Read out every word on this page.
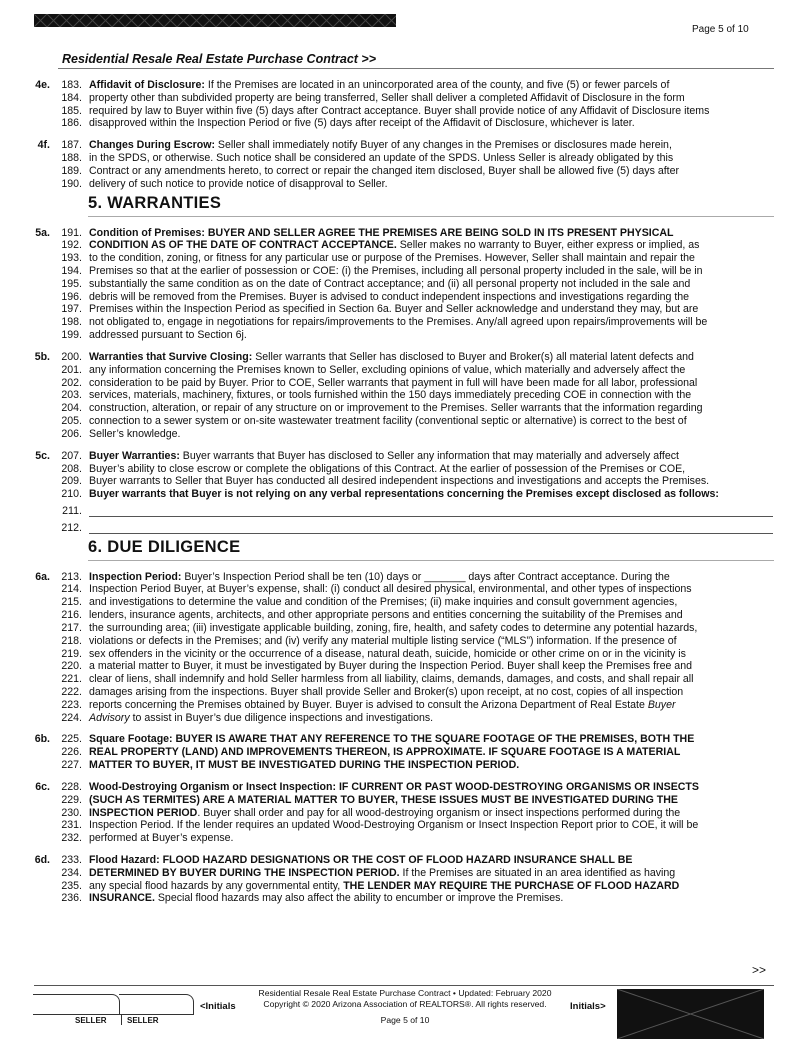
Page 5 of 10
Residential Resale Real Estate Purchase Contract >>
4e.	183. Affidavit of Disclosure: If the Premises are located in an unincorporated area of the county, and five (5) or fewer parcels of
184. property other than subdivided property are being transferred, Seller shall deliver a completed Affidavit of Disclosure in the form
185. required by law to Buyer within five (5) days after Contract acceptance. Buyer shall provide notice of any Affidavit of Disclosure items
186. disapproved within the Inspection Period or five (5) days after receipt of the Affidavit of Disclosure, whichever is later.
4f.	187. Changes During Escrow: Seller shall immediately notify Buyer of any changes in the Premises or disclosures made herein,
188. in the SPDS, or otherwise. Such notice shall be considered an update of the SPDS. Unless Seller is already obligated by this
189. Contract or any amendments hereto, to correct or repair the changed item disclosed, Buyer shall be allowed five (5) days after
190. delivery of such notice to provide notice of disapproval to Seller.
5. WARRANTIES
5a.	191. Condition of Premises: BUYER AND SELLER AGREE THE PREMISES ARE BEING SOLD IN ITS PRESENT PHYSICAL
192. CONDITION AS OF THE DATE OF CONTRACT ACCEPTANCE. Seller makes no warranty to Buyer, either express or implied, as
193. to the condition, zoning, or fitness for any particular use or purpose of the Premises. However, Seller shall maintain and repair the
194. Premises so that at the earlier of possession or COE: (i) the Premises, including all personal property included in the sale, will be in
195. substantially the same condition as on the date of Contract acceptance; and (ii) all personal property not included in the sale and
196. debris will be removed from the Premises. Buyer is advised to conduct independent inspections and investigations regarding the
197. Premises within the Inspection Period as specified in Section 6a. Buyer and Seller acknowledge and understand they may, but are
198. not obligated to, engage in negotiations for repairs/improvements to the Premises. Any/all agreed upon repairs/improvements will be
199. addressed pursuant to Section 6j.
5b.	200. Warranties that Survive Closing: Seller warrants that Seller has disclosed to Buyer and Broker(s) all material latent defects and
201. any information concerning the Premises known to Seller, excluding opinions of value, which materially and adversely affect the
202. consideration to be paid by Buyer. Prior to COE, Seller warrants that payment in full will have been made for all labor, professional
203. services, materials, machinery, fixtures, or tools furnished within the 150 days immediately preceding COE in connection with the
204. construction, alteration, or repair of any structure on or improvement to the Premises. Seller warrants that the information regarding
205. connection to a sewer system or on-site wastewater treatment facility (conventional septic or alternative) is correct to the best of
206. Seller’s knowledge.
5c.	207. Buyer Warranties: Buyer warrants that Buyer has disclosed to Seller any information that may materially and adversely affect
208. Buyer’s ability to close escrow or complete the obligations of this Contract. At the earlier of possession of the Premises or COE,
209. Buyer warrants to Seller that Buyer has conducted all desired independent inspections and investigations and accepts the Premises.
210. Buyer warrants that Buyer is not relying on any verbal representations concerning the Premises except disclosed as follows:
211.
212.
6. DUE DILIGENCE
6a.	213. Inspection Period: Buyer’s Inspection Period shall be ten (10) days or _______ days after Contract acceptance. During the
214. Inspection Period Buyer, at Buyer’s expense, shall: (i) conduct all desired physical, environmental, and other types of inspections
215. and investigations to determine the value and condition of the Premises; (ii) make inquiries and consult government agencies,
216. lenders, insurance agents, architects, and other appropriate persons and entities concerning the suitability of the Premises and
217. the surrounding area; (iii) investigate applicable building, zoning, fire, health, and safety codes to determine any potential hazards,
218. violations or defects in the Premises; and (iv) verify any material multiple listing service (“MLS”) information. If the presence of
219. sex offenders in the vicinity or the occurrence of a disease, natural death, suicide, homicide or other crime on or in the vicinity is
220. a material matter to Buyer, it must be investigated by Buyer during the Inspection Period. Buyer shall keep the Premises free and
221. clear of liens, shall indemnify and hold Seller harmless from all liability, claims, demands, damages, and costs, and shall repair all
222. damages arising from the inspections. Buyer shall provide Seller and Broker(s) upon receipt, at no cost, copies of all inspection
223. reports concerning the Premises obtained by Buyer. Buyer is advised to consult the Arizona Department of Real Estate Buyer
224. Advisory to assist in Buyer’s due diligence inspections and investigations.
6b.	225. Square Footage: BUYER IS AWARE THAT ANY REFERENCE TO THE SQUARE FOOTAGE OF THE PREMISES, BOTH THE
226. REAL PROPERTY (LAND) AND IMPROVEMENTS THEREON, IS APPROXIMATE. IF SQUARE FOOTAGE IS A MATERIAL
227. MATTER TO BUYER, IT MUST BE INVESTIGATED DURING THE INSPECTION PERIOD.
6c.	228. Wood-Destroying Organism or Insect Inspection: IF CURRENT OR PAST WOOD-DESTROYING ORGANISMS OR INSECTS
229. (SUCH AS TERMITES) ARE A MATERIAL MATTER TO BUYER, THESE ISSUES MUST BE INVESTIGATED DURING THE
230. INSPECTION PERIOD. Buyer shall order and pay for all wood-destroying organism or insect inspections performed during the
231. Inspection Period. If the lender requires an updated Wood-Destroying Organism or Insect Inspection Report prior to COE, it will be
232. performed at Buyer’s expense.
6d.	233. Flood Hazard: FLOOD HAZARD DESIGNATIONS OR THE COST OF FLOOD HAZARD INSURANCE SHALL BE
234. DETERMINED BY BUYER DURING THE INSPECTION PERIOD. If the Premises are situated in an area identified as having
235. any special flood hazards by any governmental entity, THE LENDER MAY REQUIRE THE PURCHASE OF FLOOD HAZARD
236. INSURANCE. Special flood hazards may also affect the ability to encumber or improve the Premises.
>>
SELLER	SELLER
<Initials
Residential Resale Real Estate Purchase Contract • Updated: February 2020
Copyright © 2020 Arizona Association of REALTORS®. All rights reserved.
Page 5 of 10
Initials>
